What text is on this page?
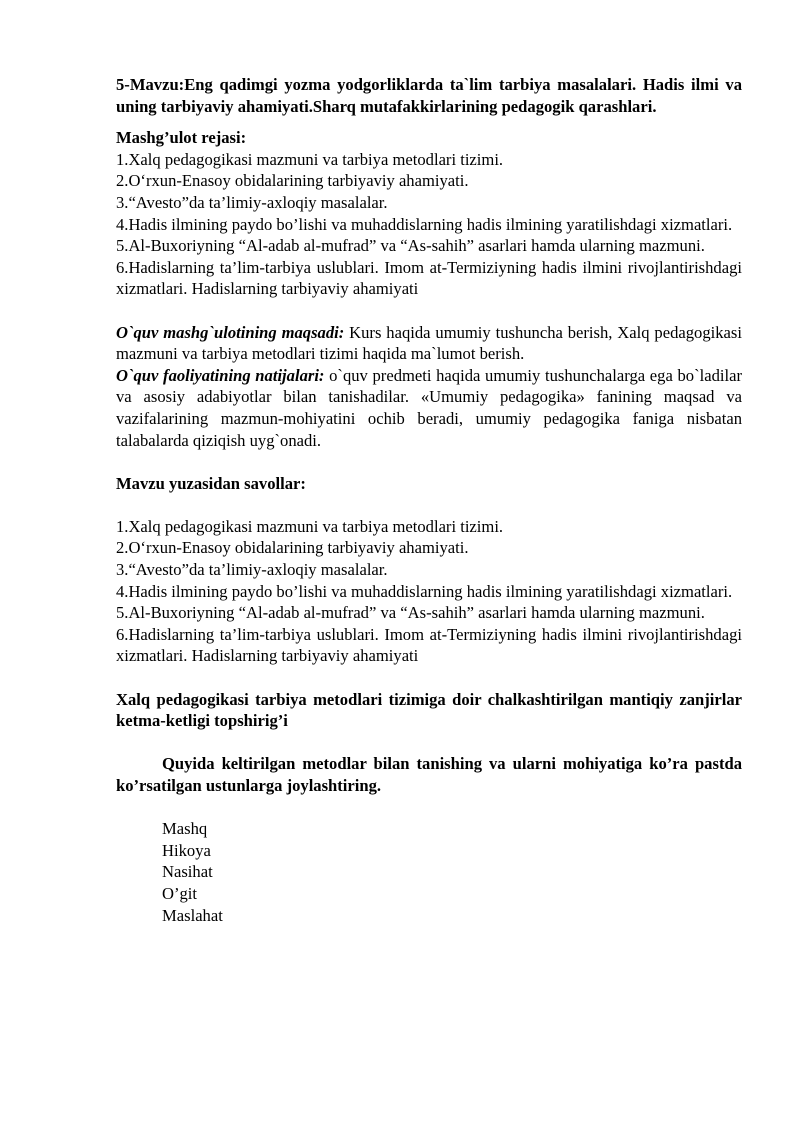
5-Mavzu:Eng qadimgi yozma yodgorliklarda ta`lim tarbiya masalalari. Hadis ilmi va uning tarbiyaviy ahamiyati.Sharq mutafakkirlarining pedagogik qarashlari.

Mashg’ulot rejasi:

1.Xalq pedagogikasi mazmuni va tarbiya metodlari tizimi.
2.O‘rxun-Enasoy obidalarining tarbiyaviy ahamiyati.
3.“Avesto”da ta’limiy-axloqiy masalalar.
4.Hadis ilmining paydo bo’lishi va muhaddislarning hadis ilmining yaratilishdagi xizmatlari.
5.Al-Buxoriyning “Al-adab al-mufrad” va “As-sahih” asarlari hamda ularning mazmuni.
6.Hadislarning ta’lim-tarbiya uslublari. Imom at-Termiziyning hadis ilmini rivojlantirishdagi xizmatlari. Hadislarning tarbiyaviy ahamiyati

O`quv mashg`ulotining maqsadi: Kurs haqida umumiy tushuncha berish, Xalq pedagogikasi mazmuni va tarbiya metodlari tizimi haqida ma`lumot berish.

O`quv faoliyatining natijalari: o`quv predmeti haqida umumiy tushunchalarga ega bo`ladilar va asosiy adabiyotlar bilan tanishadilar. «Umumiy pedagogika» fanining maqsad va vazifalarining mazmun-mohiyatini ochib beradi, umumiy pedagogika faniga nisbatan talabalarda qiziqish uyg`onadi.

Mavzu yuzasidan savollar:

1.Xalq pedagogikasi mazmuni va tarbiya metodlari tizimi.
2.O‘rxun-Enasoy obidalarining tarbiyaviy ahamiyati.
3.“Avesto”da ta’limiy-axloqiy masalalar.
4.Hadis ilmining paydo bo’lishi va muhaddislarning hadis ilmining yaratilishdagi xizmatlari.
5.Al-Buxoriyning “Al-adab al-mufrad” va “As-sahih” asarlari hamda ularning mazmuni.
6.Hadislarning ta’lim-tarbiya uslublari. Imom at-Termiziyning hadis ilmini rivojlantirishdagi xizmatlari. Hadislarning tarbiyaviy ahamiyati

Xalq pedagogikasi tarbiya metodlari tizimiga doir chalkashtirilgan mantiqiy zanjirlar ketma-ketligi topshirig’i

Quyida keltirilgan metodlar bilan tanishing va ularni mohiyatiga ko’ra pastda ko’rsatilgan ustunlarga joylashtiring.

Mashq
Hikoya
Nasihat
O’git
Maslahat
